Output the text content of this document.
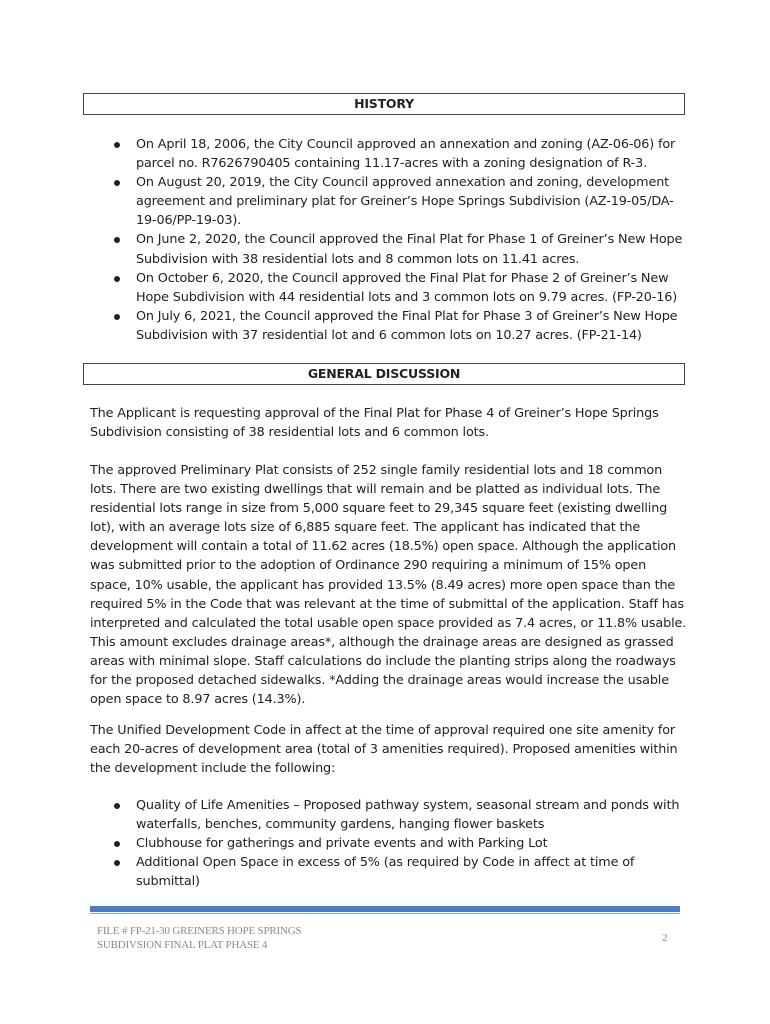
HISTORY
On April 18, 2006, the City Council approved an annexation and zoning (AZ-06-06) for parcel no. R7626790405 containing 11.17-acres with a zoning designation of R-3.
On August 20, 2019, the City Council approved annexation and zoning, development agreement and preliminary plat for Greiner’s Hope Springs Subdivision (AZ-19-05/DA-19-06/PP-19-03).
On June 2, 2020, the Council approved the Final Plat for Phase 1 of Greiner’s New Hope Subdivision with 38 residential lots and 8 common lots on 11.41 acres.
On October 6, 2020, the Council approved the Final Plat for Phase 2 of Greiner’s New Hope Subdivision with 44 residential lots and 3 common lots on 9.79 acres. (FP-20-16)
On July 6, 2021, the Council approved the Final Plat for Phase 3 of Greiner’s New Hope Subdivision with 37 residential lot and 6 common lots on 10.27 acres. (FP-21-14)
GENERAL DISCUSSION

The Applicant is requesting approval of the Final Plat for Phase 4 of Greiner’s Hope Springs Subdivision consisting of 38 residential lots and 6 common lots.

The approved Preliminary Plat consists of 252 single family residential lots and 18 common lots. There are two existing dwellings that will remain and be platted as individual lots. The residential lots range in size from 5,000 square feet to 29,345 square feet (existing dwelling lot), with an average lots size of 6,885 square feet. The applicant has indicated that the development will contain a total of 11.62 acres (18.5%) open space. Although the application was submitted prior to the adoption of Ordinance 290 requiring a minimum of 15% open space, 10% usable, the applicant has provided 13.5% (8.49 acres) more open space than the required 5% in the Code that was relevant at the time of submittal of the application. Staff has interpreted and calculated the total usable open space provided as 7.4 acres, or 11.8% usable. This amount excludes drainage areas*, although the drainage areas are designed as grassed areas with minimal slope. Staff calculations do include the planting strips along the roadways for the proposed detached sidewalks. *Adding the drainage areas would increase the usable open space to 8.97 acres (14.3%).

The Unified Development Code in affect at the time of approval required one site amenity for each 20-acres of development area (total of 3 amenities required). Proposed amenities within the development include the following:

Quality of Life Amenities – Proposed pathway system, seasonal stream and ponds with waterfalls, benches, community gardens, hanging flower baskets
Clubhouse for gatherings and private events and with Parking Lot
Additional Open Space in excess of 5% (as required by Code in affect at time of submittal)
FILE # FP-21-30 GREINERS HOPE SPRINGS
SUBDIVSION FINAL PLAT PHASE 4
2
